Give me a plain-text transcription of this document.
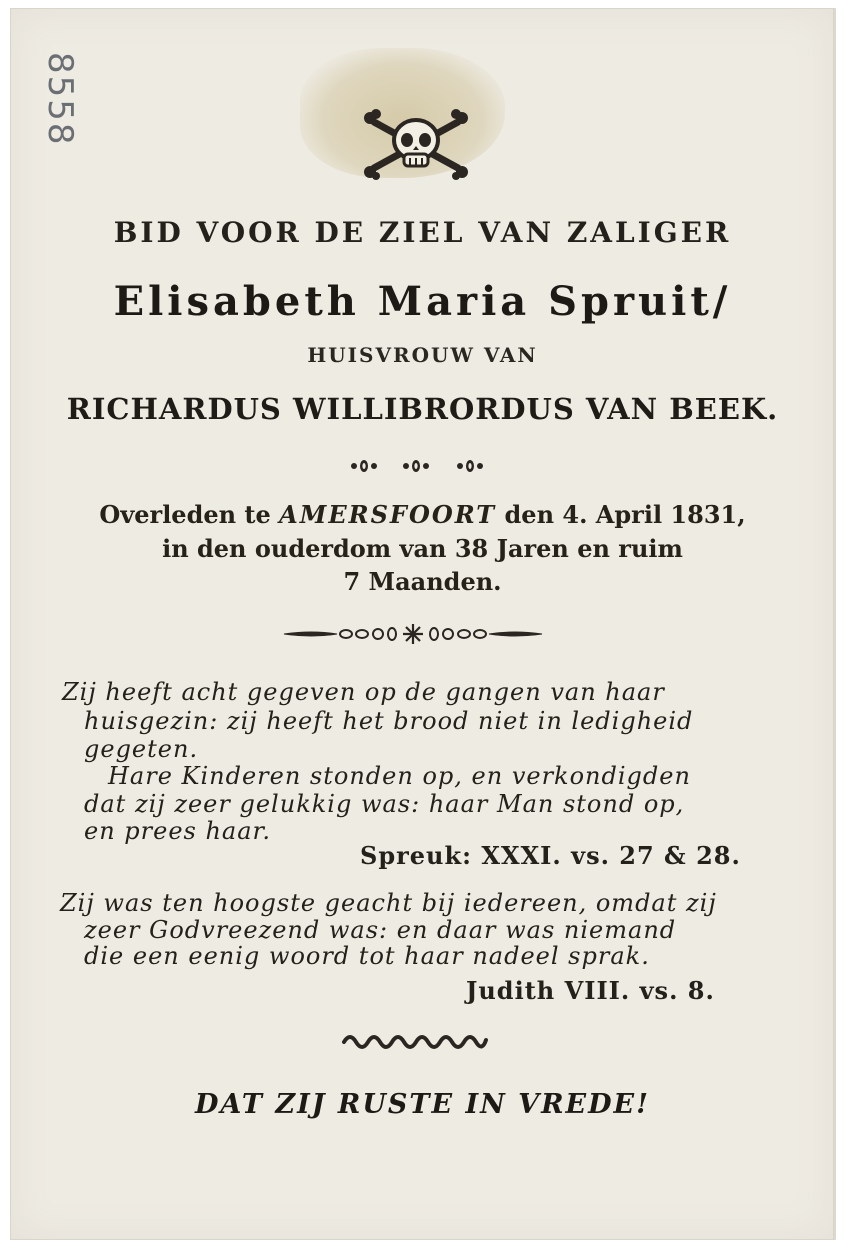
8558
BID VOOR DE ZIEL VAN ZALIGER
Elisabeth Maria Spruit/
HUISVROUW VAN
RICHARDUS WILLIBRORDUS VAN BEEK.
Overleden te AMERSFOORT den 4. April 1831,
in den ouderdom van 38 Jaren en ruim
7 Maanden.
Zij heeft acht gegeven op de gangen van haar
huisgezin: zij heeft het brood niet in ledigheid
gegeten.
Hare Kinderen stonden op, en verkondigden
dat zij zeer gelukkig was: haar Man stond op,
en prees haar.
Spreuk: XXXI. vs. 27 & 28.
Zij was ten hoogste geacht bij iedereen, omdat zij
zeer Godvreezend was: en daar was niemand
die een eenig woord tot haar nadeel sprak.
Judith VIII. vs. 8.
DAT ZIJ RUSTE IN VREDE!
